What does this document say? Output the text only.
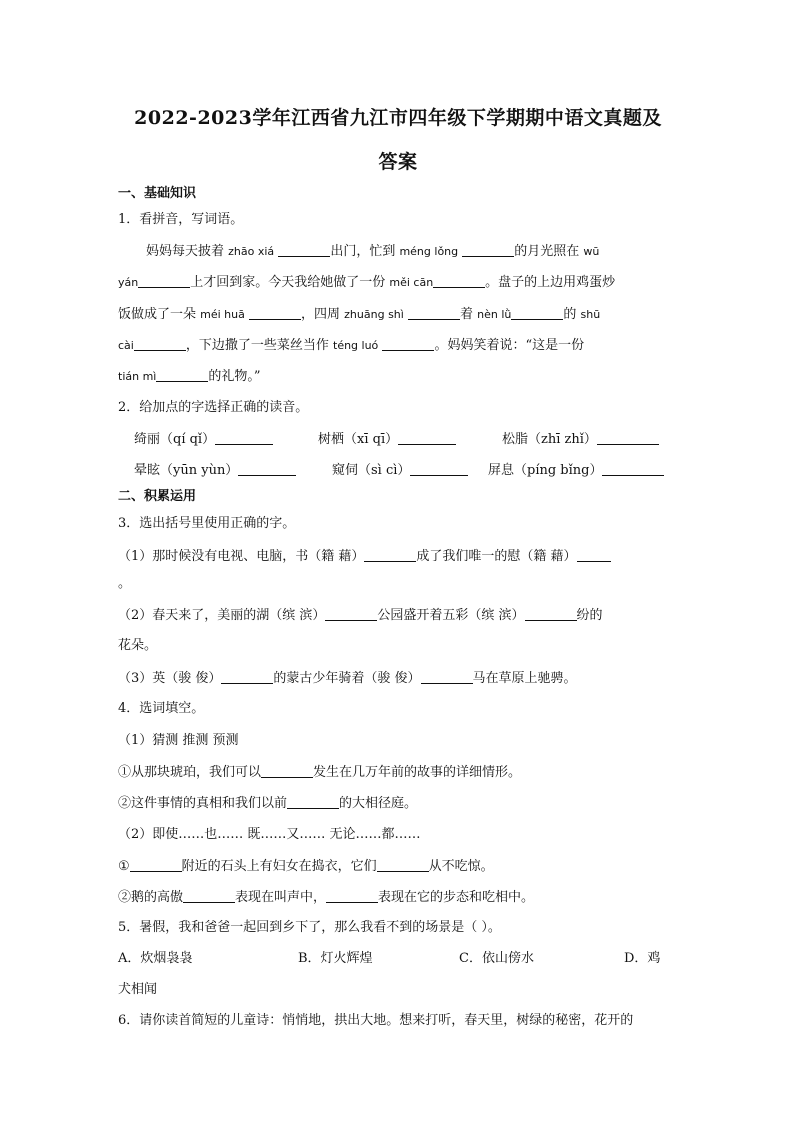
2022-2023学年江西省九江市四年级下学期期中语文真题及
答案
一、基础知识
1．看拼音，写词语。
妈妈每天披着 zhāo xiá	出门，忙到 méng lǒng	的月光照在 wū
yán	上才回到家。今天我给她做了一份 měi cān	。盘子的上边用鸡蛋炒
饭做成了一朵 méi huā	，四周 zhuāng shì	着 nèn lǜ	的 shū
cài	，下边撒了一些菜丝当作 téng luó	。妈妈笑着说：“这是一份
tián mì	的礼物。”
2．给加点的字选择正确的读音。
绮丽（qí qǐ）	树栖（xī qī）	松脂（zhī zhǐ）
晕眩（yūn yùn）	窥伺（sì cì）	屏息（píng bǐng）
二、积累运用
3．选出括号里使用正确的字。
（1）那时候没有电视、电脑，书（籍 藉）	成了我们唯一的慰（籍 藉）
。
（2）春天来了，美丽的湖（缤 滨）	公园盛开着五彩（缤 滨）	纷的
花朵。
（3）英（骏 俊）	的蒙古少年骑着（骏 俊）	马在草原上驰骋。
4．选词填空。
（1）猜测 推测 预测
①从那块琥珀，我们可以	发生在几万年前的故事的详细情形。
②这件事情的真相和我们以前	的大相径庭。
（2）即使……也…… 既……又…… 无论……都……
①	附近的石头上有妇女在捣衣，它们	从不吃惊。
②鹅的高傲	表现在叫声中，	表现在它的步态和吃相中。
5．暑假，我和爸爸一起回到乡下了，那么我看不到的场景是（ ）。
A．炊烟袅袅	B．灯火辉煌	C．依山傍水	D．鸡
犬相闻
6．请你读首简短的儿童诗：悄悄地，拱出大地。想来打听，春天里，树绿的秘密，花开的
